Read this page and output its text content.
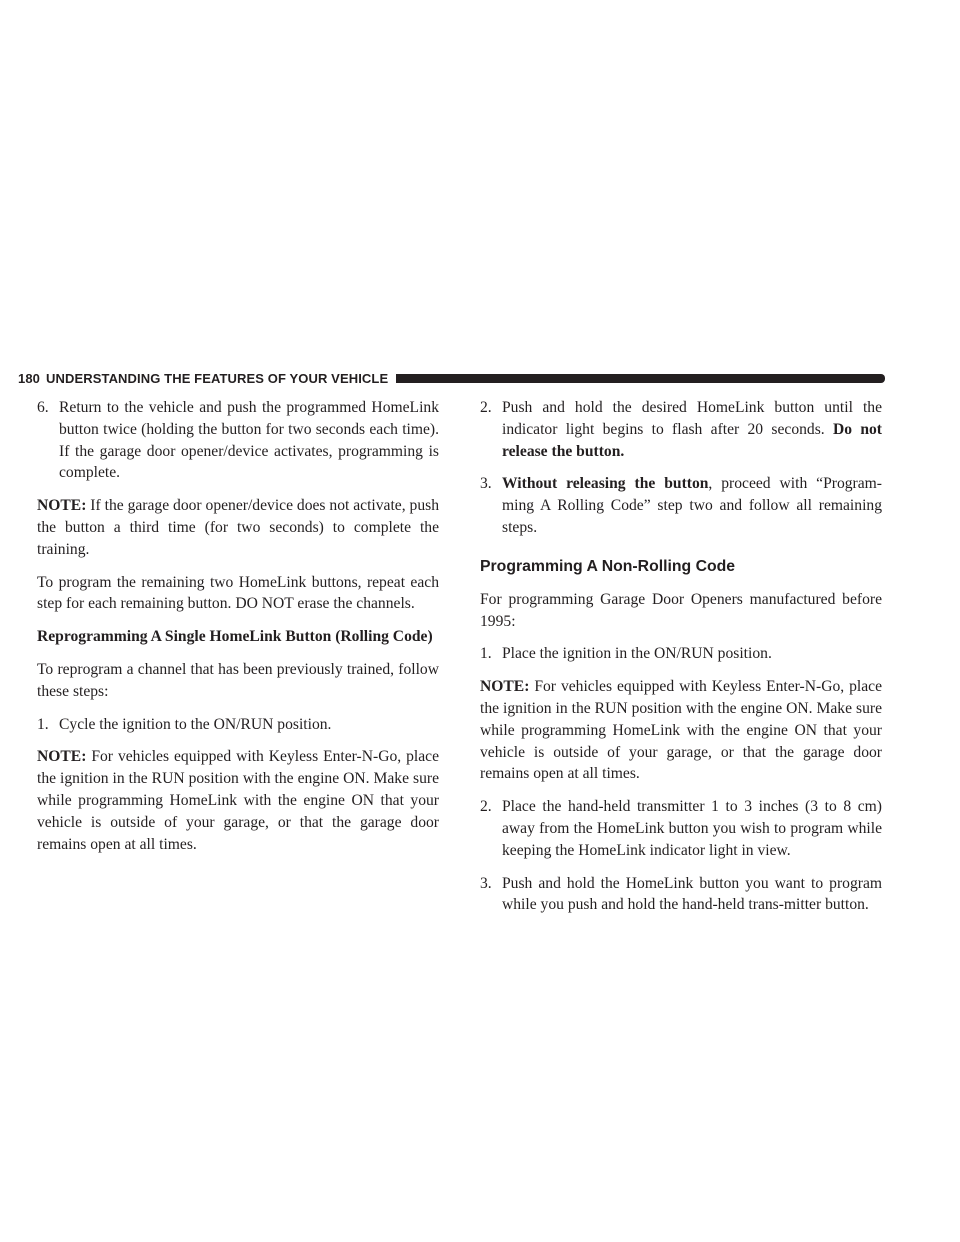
180 UNDERSTANDING THE FEATURES OF YOUR VEHICLE
6. Return to the vehicle and push the programmed HomeLink button twice (holding the button for two seconds each time). If the garage door opener/device activates, programming is complete.

NOTE: If the garage door opener/device does not activate, push the button a third time (for two seconds) to complete the training.

To program the remaining two HomeLink buttons, repeat each step for each remaining button. DO NOT erase the channels.

Reprogramming A Single HomeLink Button (Rolling Code)

To reprogram a channel that has been previously trained, follow these steps:

1. Cycle the ignition to the ON/RUN position.

NOTE: For vehicles equipped with Keyless Enter-N-Go, place the ignition in the RUN position with the engine ON. Make sure while programming HomeLink with the engine ON that your vehicle is outside of your garage, or that the garage door remains open at all times.

2. Push and hold the desired HomeLink button until the indicator light begins to flash after 20 seconds. Do not release the button.
3. Without releasing the button, proceed with “Program-ming A Rolling Code” step two and follow all remaining steps.
Programming A Non-Rolling Code

For programming Garage Door Openers manufactured before 1995:

1. Place the ignition in the ON/RUN position.

NOTE: For vehicles equipped with Keyless Enter-N-Go, place the ignition in the RUN position with the engine ON. Make sure while programming HomeLink with the engine ON that your vehicle is outside of your garage, or that the garage door remains open at all times.

2. Place the hand-held transmitter 1 to 3 inches (3 to 8 cm) away from the HomeLink button you wish to program while keeping the HomeLink indicator light in view.
3. Push and hold the HomeLink button you want to program while you push and hold the hand-held trans-mitter button.
